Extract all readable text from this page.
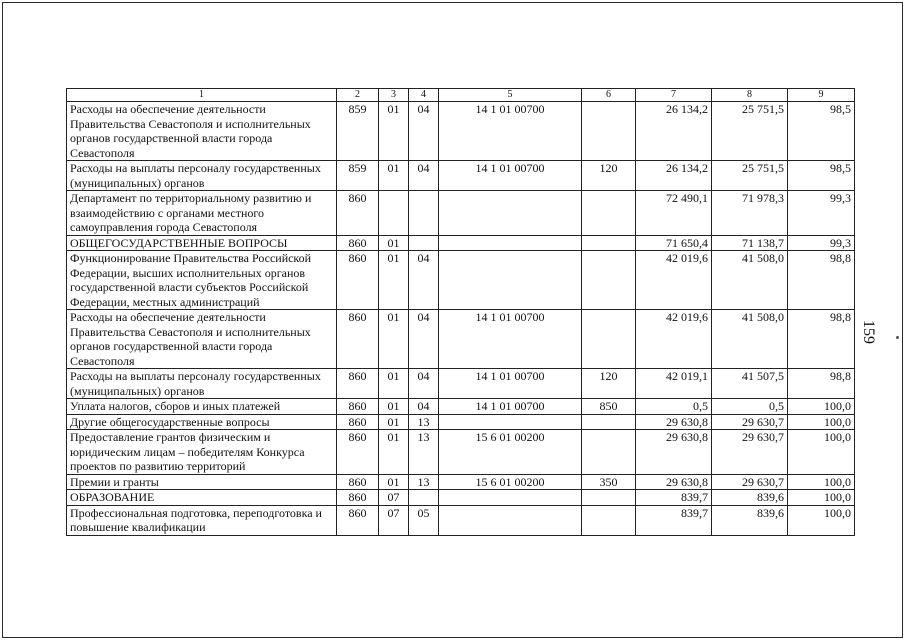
1	2	3	4	5	6	7	8	9
Расходы на обеспечение деятельности Правительства Севастополя и исполнительных органов государственной власти города Севастополя	859	01	04	14 1 01 00700		26 134,2	25 751,5	98,5
Расходы на выплаты персоналу государственных (муниципальных) органов	859	01	04	14 1 01 00700	120	26 134,2	25 751,5	98,5
Департамент по территориальному развитию и взаимодействию с органами местного самоуправления города Севастополя	860					72 490,1	71 978,3	99,3
ОБЩЕГОСУДАРСТВЕННЫЕ ВОПРОСЫ	860	01				71 650,4	71 138,7	99,3
Функционирование Правительства Российской Федерации, высших исполнительных органов государственной власти субъектов Российской Федерации, местных администраций	860	01	04			42 019,6	41 508,0	98,8
Расходы на обеспечение деятельности Правительства Севастополя и исполнительных органов государственной власти города Севастополя	860	01	04	14 1 01 00700		42 019,6	41 508,0	98,8
Расходы на выплаты персоналу государственных (муниципальных) органов	860	01	04	14 1 01 00700	120	42 019,1	41 507,5	98,8
Уплата налогов, сборов и иных платежей	860	01	04	14 1 01 00700	850	0,5	0,5	100,0
Другие общегосударственные вопросы	860	01	13			29 630,8	29 630,7	100,0
Предоставление грантов физическим и юридическим лицам – победителям Конкурса проектов по развитию территорий	860	01	13	15 6 01 00200		29 630,8	29 630,7	100,0
Премии и гранты	860	01	13	15 6 01 00200	350	29 630,8	29 630,7	100,0
ОБРАЗОВАНИЕ	860	07				839,7	839,6	100,0
Профессиональная подготовка, переподготовка и повышение квалификации	860	07	05			839,7	839,6	100,0
159
